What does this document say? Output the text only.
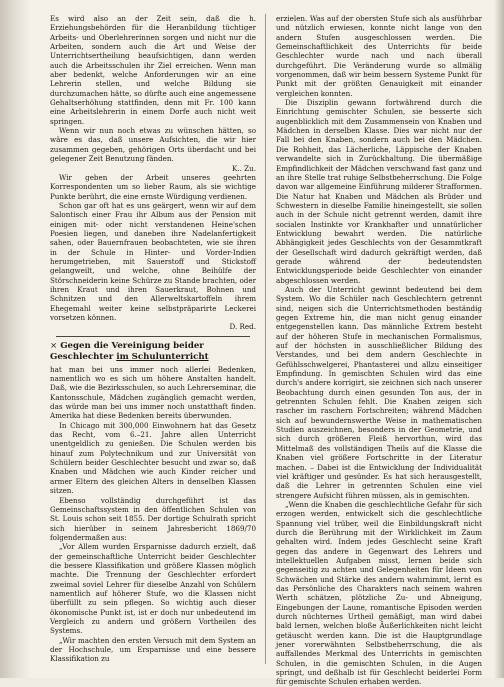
Es wird also an der Zeit sein, daß die h. Erziehungsbehörden für die Heranbildung tüchtiger Arbeits- und Oberlehrerinnen sorgen und nicht nur die Arbeiten, sondern auch die Art und Weise der Unterrichtsertheilung beaufsichtigen, dann werden auch die Arbeitsschulen ihr Ziel erreichen. Wenn man aber bedenkt, welche Anforderungen wir an eine Lehrerin stellen, und welche Bildung sie durchzumachen hätte, so dürfte auch eine angemessene Gehaltserhöhung stattfinden, denn mit Fr. 100 kann eine Arbeitslehrerin in einem Dorfe auch nicht weit springen.

Wenn wir nun noch etwas zu wünschen hätten, so wäre es das, daß unsere Aufsichten, die wir hier zusammen gegeben, gehörigen Orts überdacht und bei gelegener Zeit Benutzung fänden.
K.. Zu.

Wir geben der Arbeit unseres geehrten Korrespondenten um so lieber Raum, als sie wichtige Punkte berührt, die eine ernste Würdigung verdienen.

Schon gar oft hat es uns geärgert, wenn wir auf dem Salontisch einer Frau ihr Album aus der Pension mit einigen mit- oder nicht verstandenen Heine'schen Poesien liegen, und daneben ihre Nadelanfertigkeit sahen, oder Bauernfrauen beobachteten, wie sie ihren in der Schule in Hinter- und Vorder-Indien herumgetrieben, mit Sauerstoff und Stickstoff gelangweilt, und welche, ohne Beihülfe der Störschneiderin keine Schürze zu Stande brachten, oder ihren Kraut und ihren Sauerkraut, Bohnen und Schnitzen und den Allerweltskartoffeln ihrem Ehegemahl weiter keine selbstpräparirte Leckerei vorsetzen können.
D. Red.

× Gegen die Vereinigung beider Geschlechter im Schulunterricht

hat man bei uns immer noch allerlei Bedenken, namentlich wo es sich um höhere Anstalten handelt. Daß, wie die Bezirksschulen, so auch Lehrerseminar, die Kantonsschule, Mädchen zugänglich gemacht werden, das würde man bei uns immer noch unstatthaft finden. Amerika hat diese Bedenken bereits überwunden.

In Chicago mit 300,000 Einwohnern hat das Gesetz das Recht, vom 6.–21. Jahre allen Unterricht unentgeldlich zu genießen. Die Schulen werden bis hinauf zum Polytechnikum und zur Universität von Schülern beider Geschlechter besucht und zwar so, daß Knaben und Mädchen wie auch Kinder reicher und armer Eltern des gleichen Alters in denselben Klassen sitzen.

Ebenso vollständig durchgeführt ist das Gemeinschaftssystem in den öffentlichen Schulen von St. Louis schon seit 1855. Der dortige Schulrath spricht sich hierüber in seinem Jahresbericht 1869/70 folgendermaßen aus:

„Vor Allem wurden Ersparnisse dadurch erzielt, daß der gemeinschaftliche Unterricht beider Geschlechter die bessere Klassifikation und größere Klassen möglich machte. Die Trennung der Geschlechter erfordert zweimal soviel Lehrer für dieselbe Anzahl von Schülern namentlich auf höherer Stufe, wo die Klassen nicht überfüllt zu sein pflegen. So wichtig auch dieser ökonomische Punkt ist, ist er doch nur unbedeutend im Vergleich zu andern und größern Vortheilen des Systems.

„Wir machten den ersten Versuch mit dem System an der Hochschule, um Ersparnisse und eine bessere Klassifikation zu

erzielen. Was auf der obersten Stufe sich als ausführbar und nützlich erwiesen, konnte nicht lange von den andern Stufen ausgeschlossen werden. Die Gemeinschaftlichkeit des Unterrichts für beide Geschlechter wurde nach und nach überall durchgeführt. Die Veränderung wurde so allmälig vorgenommen, daß wir beim bessern Systeme Punkt für Punkt mit der größten Genauigkeit mit einander vergleichen konnten.

Die Disziplin gewann fortwährend durch die Einrichtung gemischter Schulen, sie besserte sich augenblicklich mit dem Zusammensein von Knaben und Mädchen in derselben Klasse. Dies war nicht nur der Fall bei den Knaben, sondern auch bei den Mädchen. Die Rohheit, das Lächerliche, Läppische der Knaben verwandelte sich in Zurückhaltung. Die übermäßige Empfindlichkeit der Mädchen verschwand fast ganz und an ihre Stelle trat ruhige Selbstbeherrschung. Die Folge davon war allgemeine Einführung milderer Strafformen. Die Natur hat Knaben und Mädchen als Brüder und Schwestern in dieselbe Familie hineingestellt, sie sollen auch in der Schule nicht getrennt werden, damit ihre socialen Instinkte vor Krankhafter und unnatürlicher Entwicklung bewahrt werden. Die natürliche Abhängigkeit jedes Geschlechts von der Gesammtkraft der Gesellschaft wird dadurch gekräftigt werden, daß gerade während der bedeutendsten Entwicklungsperiode beide Geschlechter von einander abgeschlossen werden.

Auch der Unterricht gewinnt bedeutend bei dem System. Wo die Schüler nach Geschlechtern getrennt sind, neigen sich die Unterrichtsmethoden beständig gegen Extreme hin, die man nicht genug einander entgegenstellen kann. Das männliche Extrem besteht auf der höheren Stufe in mechanischen Formalismus, auf der höchsten in ausschließlicher Bildung des Verstandes, und bei dem andern Geschlechte in Gefühlsschwelgerei, Phantasterei und allzu einseitiger Empfindung. In gemischten Schulen wird das eine durch's andere korrigirt, sie zeichnen sich nach unserer Beobachtung durch einen gesunden Ton aus, der in getrennten Schulen fehlt. Die Knaben zeigen sich rascher im raschern Fortschreiten; während Mädchen sich auf bewundernswerthe Weise in mathematischen Studien auszeichnen, besonders in der Geometrie, und sich durch größeren Fleiß hervorthun, wird das Mittelmaß des vollständigen Theils auf die Klasse die Knaben viel größere Fortschritte in der Literatur machen. – Dabei ist die Entwicklung der Individualität viel kräftiger und gesünder. Es hat sich herausgestellt, daß die Lehrer in getrennten Schulen eine viel strengere Aufsicht führen müssen, als in gemischten.

„Wenn die Knaben die geschlechtliche Gefahr für sich erzogen werden, entwickelt sich die geschlechtliche Spannung viel trüber, weil die Einbildungskraft nicht durch die Berührung mit der Wirklichkeit im Zaum gehalten wird. Indem jedes Geschlecht seine Kraft gegen das andere in Gegenwart des Lehrers und intellektuellen Aufgaben misst, lernen beide sich gegenseitig zu achten und Gelegenheiten für Ideen von Schwächen und Stärke des andern wahrnimmt, lernt es das Persönliche des Charakters nach seinem wahren Werth schätzen, plötzliche Zu- und Abneigung, Eingebungen der Laune, romantische Episoden werden durch nüchternes Urtheil gemäßigt, man wird dabei bald lernen, welchen bloße Äußerlichkeiten nicht leicht getäuscht werden kann. Die ist die Hauptgrundlage jener vorerwähnten Selbstbeherrschung, die als auffallendes Merkmal des Unterrichts in gemischten Schulen, in die gemischten Schulen, in die Augen springt, und deßhalb ist für Geschlecht beiderlei Form für gemischte Schulen erhaben werden.
